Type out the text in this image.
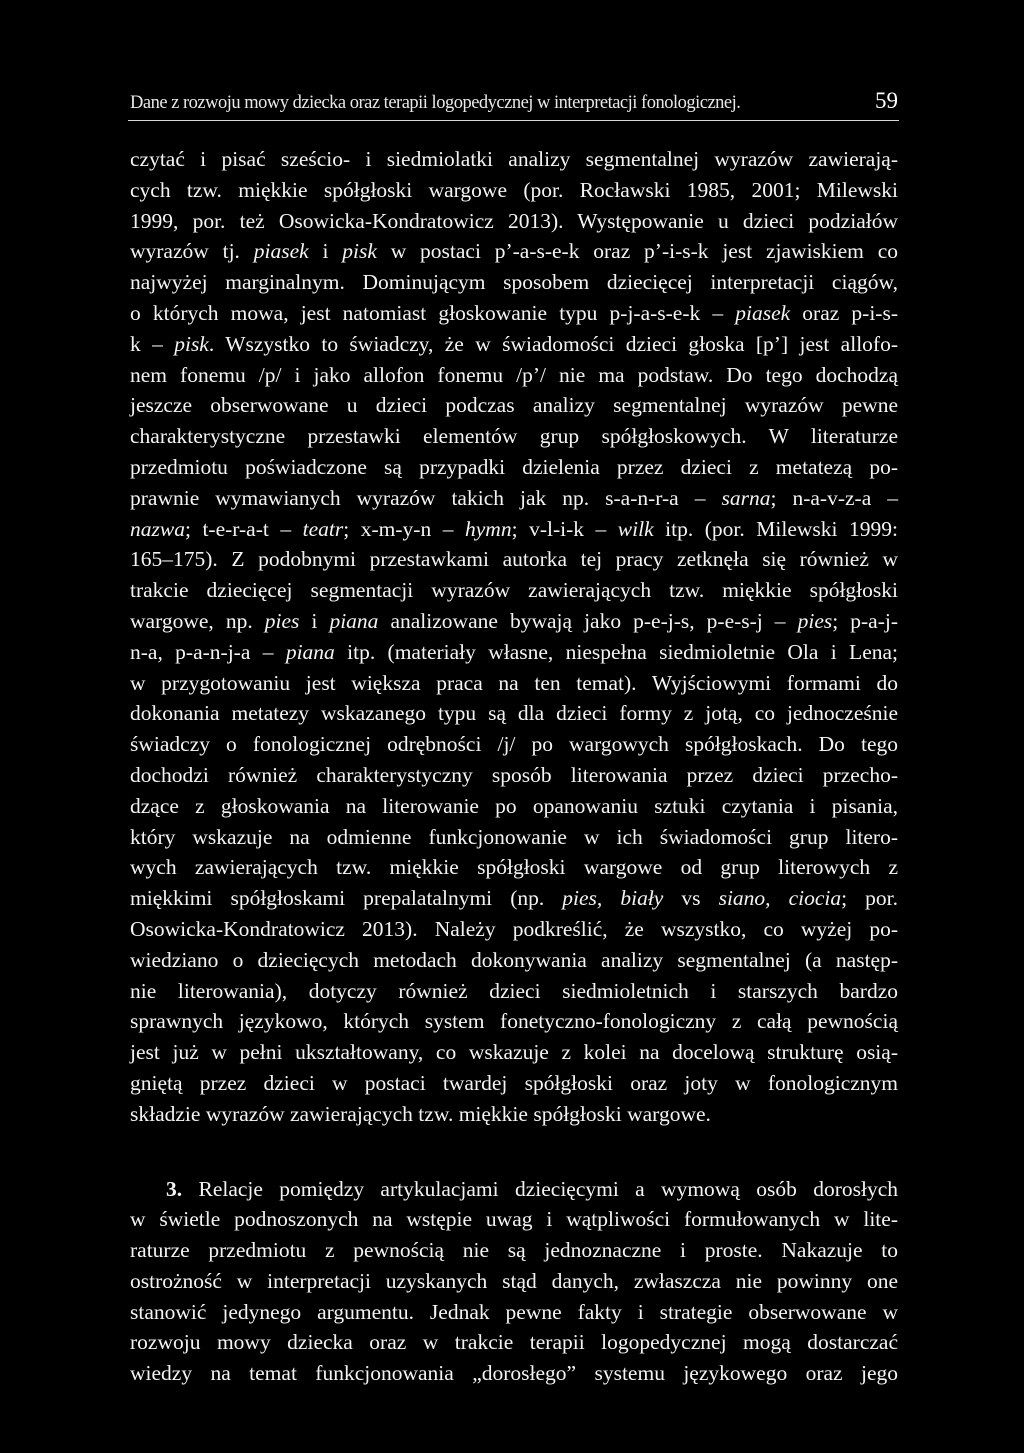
Dane z rozwoju mowy dziecka oraz terapii logopedycznej w interpretacji fonologicznej.	59
czytać i pisać sześcio- i siedmiolatki analizy segmentalnej wyrazów zawierają-
cych tzw. miękkie spółgłoski wargowe (por. Rocławski 1985, 2001; Milewski
1999, por. też Osowicka-Kondratowicz 2013). Występowanie u dzieci podziałów
wyrazów tj. piasek i pisk w postaci p’-a-s-e-k oraz p’-i-s-k jest zjawiskiem co
najwyżej marginalnym. Dominującym sposobem dziecięcej interpretacji ciągów,
o których mowa, jest natomiast głoskowanie typu p-j-a-s-e-k – piasek oraz p-i-s-
k – pisk. Wszystko to świadczy, że w świadomości dzieci głoska [p’] jest allofo-
nem fonemu /p/ i jako allofon fonemu /p’/ nie ma podstaw. Do tego dochodzą
jeszcze obserwowane u dzieci podczas analizy segmentalnej wyrazów pewne
charakterystyczne przestawki elementów grup spółgłoskowych. W literaturze
przedmiotu poświadczone są przypadki dzielenia przez dzieci z metatezą po-
prawnie wymawianych wyrazów takich jak np. s-a-n-r-a – sarna; n-a-v-z-a –
nazwa; t-e-r-a-t – teatr; x-m-y-n – hymn; v-l-i-k – wilk itp. (por. Milewski 1999:
165–175). Z podobnymi przestawkami autorka tej pracy zetknęła się również w
trakcie dziecięcej segmentacji wyrazów zawierających tzw. miękkie spółgłoski
wargowe, np. pies i piana analizowane bywają jako p-e-j-s, p-e-s-j – pies; p-a-j-
n-a, p-a-n-j-a – piana itp. (materiały własne, niespełna siedmioletnie Ola i Lena;
w przygotowaniu jest większa praca na ten temat). Wyjściowymi formami do
dokonania metatezy wskazanego typu są dla dzieci formy z jotą, co jednocześnie
świadczy o fonologicznej odrębności /j/ po wargowych spółgłoskach. Do tego
dochodzi również charakterystyczny sposób literowania przez dzieci przecho-
dzące z głoskowania na literowanie po opanowaniu sztuki czytania i pisania,
który wskazuje na odmienne funkcjonowanie w ich świadomości grup litero-
wych zawierających tzw. miękkie spółgłoski wargowe od grup literowych z
miękkimi spółgłoskami prepalatalnymi (np. pies, biały vs siano, ciocia; por.
Osowicka-Kondratowicz 2013). Należy podkreślić, że wszystko, co wyżej po-
wiedziano o dziecięcych metodach dokonywania analizy segmentalnej (a następ-
nie literowania), dotyczy również dzieci siedmioletnich i starszych bardzo
sprawnych językowo, których system fonetyczno-fonologiczny z całą pewnością
jest już w pełni ukształtowany, co wskazuje z kolei na docelową strukturę osią-
gniętą przez dzieci w postaci twardej spółgłoski oraz joty w fonologicznym
składzie wyrazów zawierających tzw. miękkie spółgłoski wargowe.
3. Relacje pomiędzy artykulacjami dziecięcymi a wymową osób dorosłych
w świetle podnoszonych na wstępie uwag i wątpliwości formułowanych w lite-
raturze przedmiotu z pewnością nie są jednoznaczne i proste. Nakazuje to
ostrożność w interpretacji uzyskanych stąd danych, zwłaszcza nie powinny one
stanowić jedynego argumentu. Jednak pewne fakty i strategie obserwowane w
rozwoju mowy dziecka oraz w trakcie terapii logopedycznej mogą dostarczać
wiedzy na temat funkcjonowania „dorosłego” systemu językowego oraz jego
